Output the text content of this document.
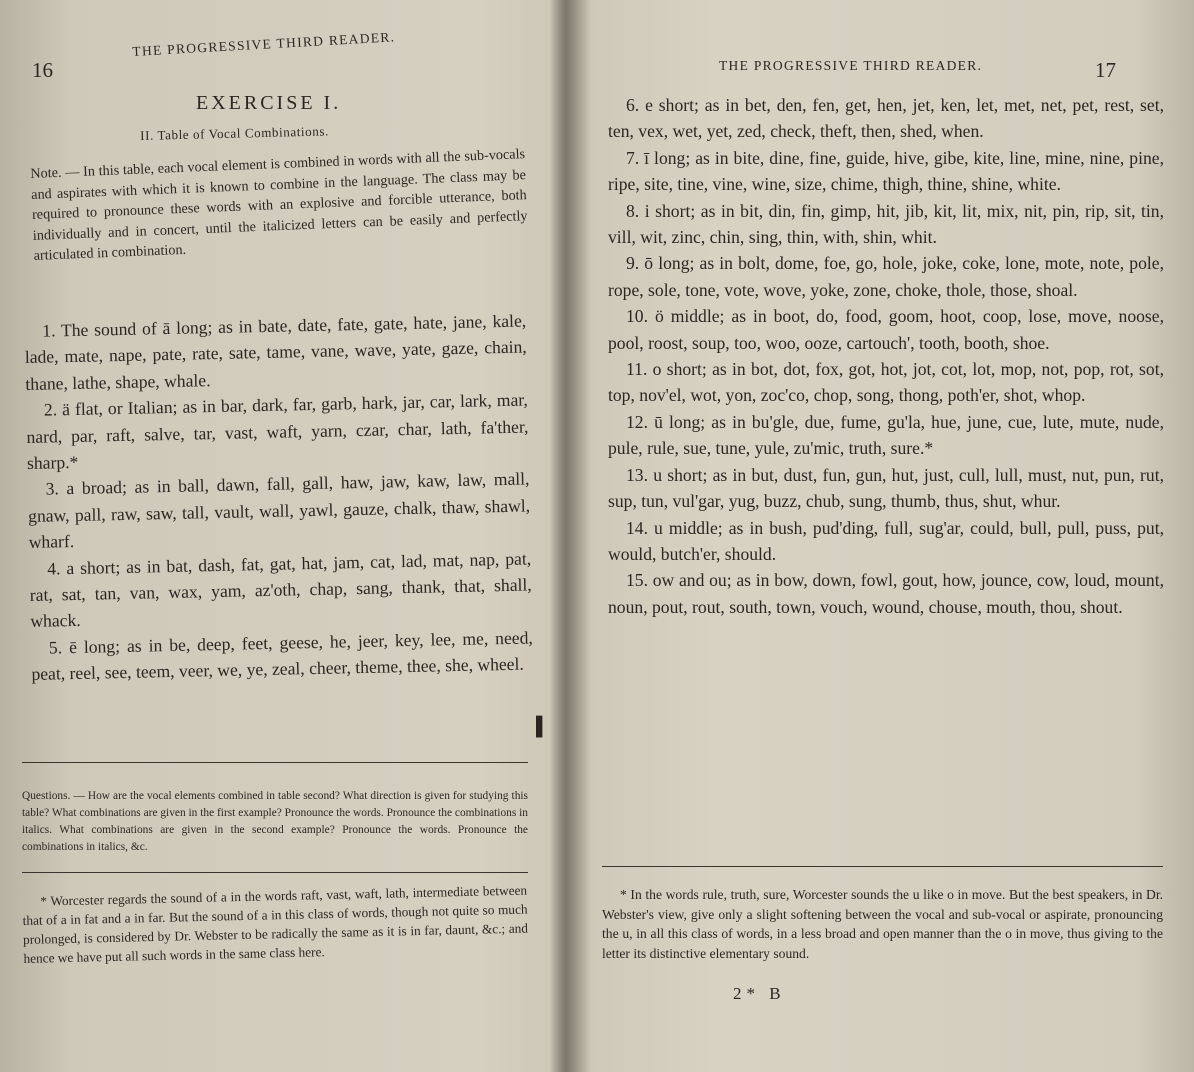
16
THE PROGRESSIVE THIRD READER.
EXERCISE I.
II. Table of Vocal Combinations.
Note. — In this table, each vocal element is combined in words with all the sub-vocals and aspirates with which it is known to combine in the language. The class may be required to pronounce these words with an explosive and forcible utterance, both individually and in concert, until the italicized letters can be easily and perfectly articulated in combination.

1. The sound of ā long; as in bate, date, fate, gate, hate, jane, kale, lade, mate, nape, pate, rate, sate, tame, vane, wave, yate, gaze, chain, thane, lathe, shape, whale.

2. ä flat, or Italian; as in bar, dark, far, garb, hark, jar, car, lark, mar, nard, par, raft, salve, tar, vast, waft, yarn, czar, char, lath, fa'ther, sharp.*

3. a broad; as in ball, dawn, fall, gall, haw, jaw, kaw, law, mall, gnaw, pall, raw, saw, tall, vault, wall, yawl, gauze, chalk, thaw, shawl, wharf.

4. a short; as in bat, dash, fat, gat, hat, jam, cat, lad, mat, nap, pat, rat, sat, tan, van, wax, yam, az'oth, chap, sang, thank, that, shall, whack.

5. ē long; as in be, deep, feet, geese, he, jeer, key, lee, me, need, peat, reel, see, teem, veer, we, ye, zeal, cheer, theme, thee, she, wheel.

▌
Questions. — How are the vocal elements combined in table second? What direction is given for studying this table? What combinations are given in the first example? Pronounce the words. Pronounce the combinations in italics. What combinations are given in the second example? Pronounce the words. Pronounce the combinations in italics, &c.

* Worcester regards the sound of a in the words raft, vast, waft, lath, intermediate between that of a in fat and a in far. But the sound of a in this class of words, though not quite so much prolonged, is considered by Dr. Webster to be radically the same as it is in far, daunt, &c.; and hence we have put all such words in the same class here.

THE PROGRESSIVE THIRD READER.	17

6. e short; as in bet, den, fen, get, hen, jet, ken, let, met, net, pet, rest, set, ten, vex, wet, yet, zed, check, theft, then, shed, when.

7. ī long; as in bite, dine, fine, guide, hive, gibe, kite, line, mine, nine, pine, ripe, site, tine, vine, wine, size, chime, thigh, thine, shine, white.

8. i short; as in bit, din, fin, gimp, hit, jib, kit, lit, mix, nit, pin, rip, sit, tin, vill, wit, zinc, chin, sing, thin, with, shin, whit.

9. ō long; as in bolt, dome, foe, go, hole, joke, coke, lone, mote, note, pole, rope, sole, tone, vote, wove, yoke, zone, choke, thole, those, shoal.

10. ö middle; as in boot, do, food, goom, hoot, coop, lose, move, noose, pool, roost, soup, too, woo, ooze, cartouch', tooth, booth, shoe.

11. o short; as in bot, dot, fox, got, hot, jot, cot, lot, mop, not, pop, rot, sot, top, nov'el, wot, yon, zoc'co, chop, song, thong, poth'er, shot, whop.

12. ū long; as in bu'gle, due, fume, gu'la, hue, june, cue, lute, mute, nude, pule, rule, sue, tune, yule, zu'mic, truth, sure.*

13. u short; as in but, dust, fun, gun, hut, just, cull, lull, must, nut, pun, rut, sup, tun, vul'gar, yug, buzz, chub, sung, thumb, thus, shut, whur.

14. u middle; as in bush, pud'ding, full, sug'ar, could, bull, pull, puss, put, would, butch'er, should.

15. ow and ou; as in bow, down, fowl, gout, how, jounce, cow, loud, mount, noun, pout, rout, south, town, vouch, wound, chouse, mouth, thou, shout.

* In the words rule, truth, sure, Worcester sounds the u like o in move. But the best speakers, in Dr. Webster's view, give only a slight softening between the vocal and sub-vocal or aspirate, pronouncing the u, in all this class of words, in a less broad and open manner than the o in move, thus giving to the letter its distinctive elementary sound.

2* B
